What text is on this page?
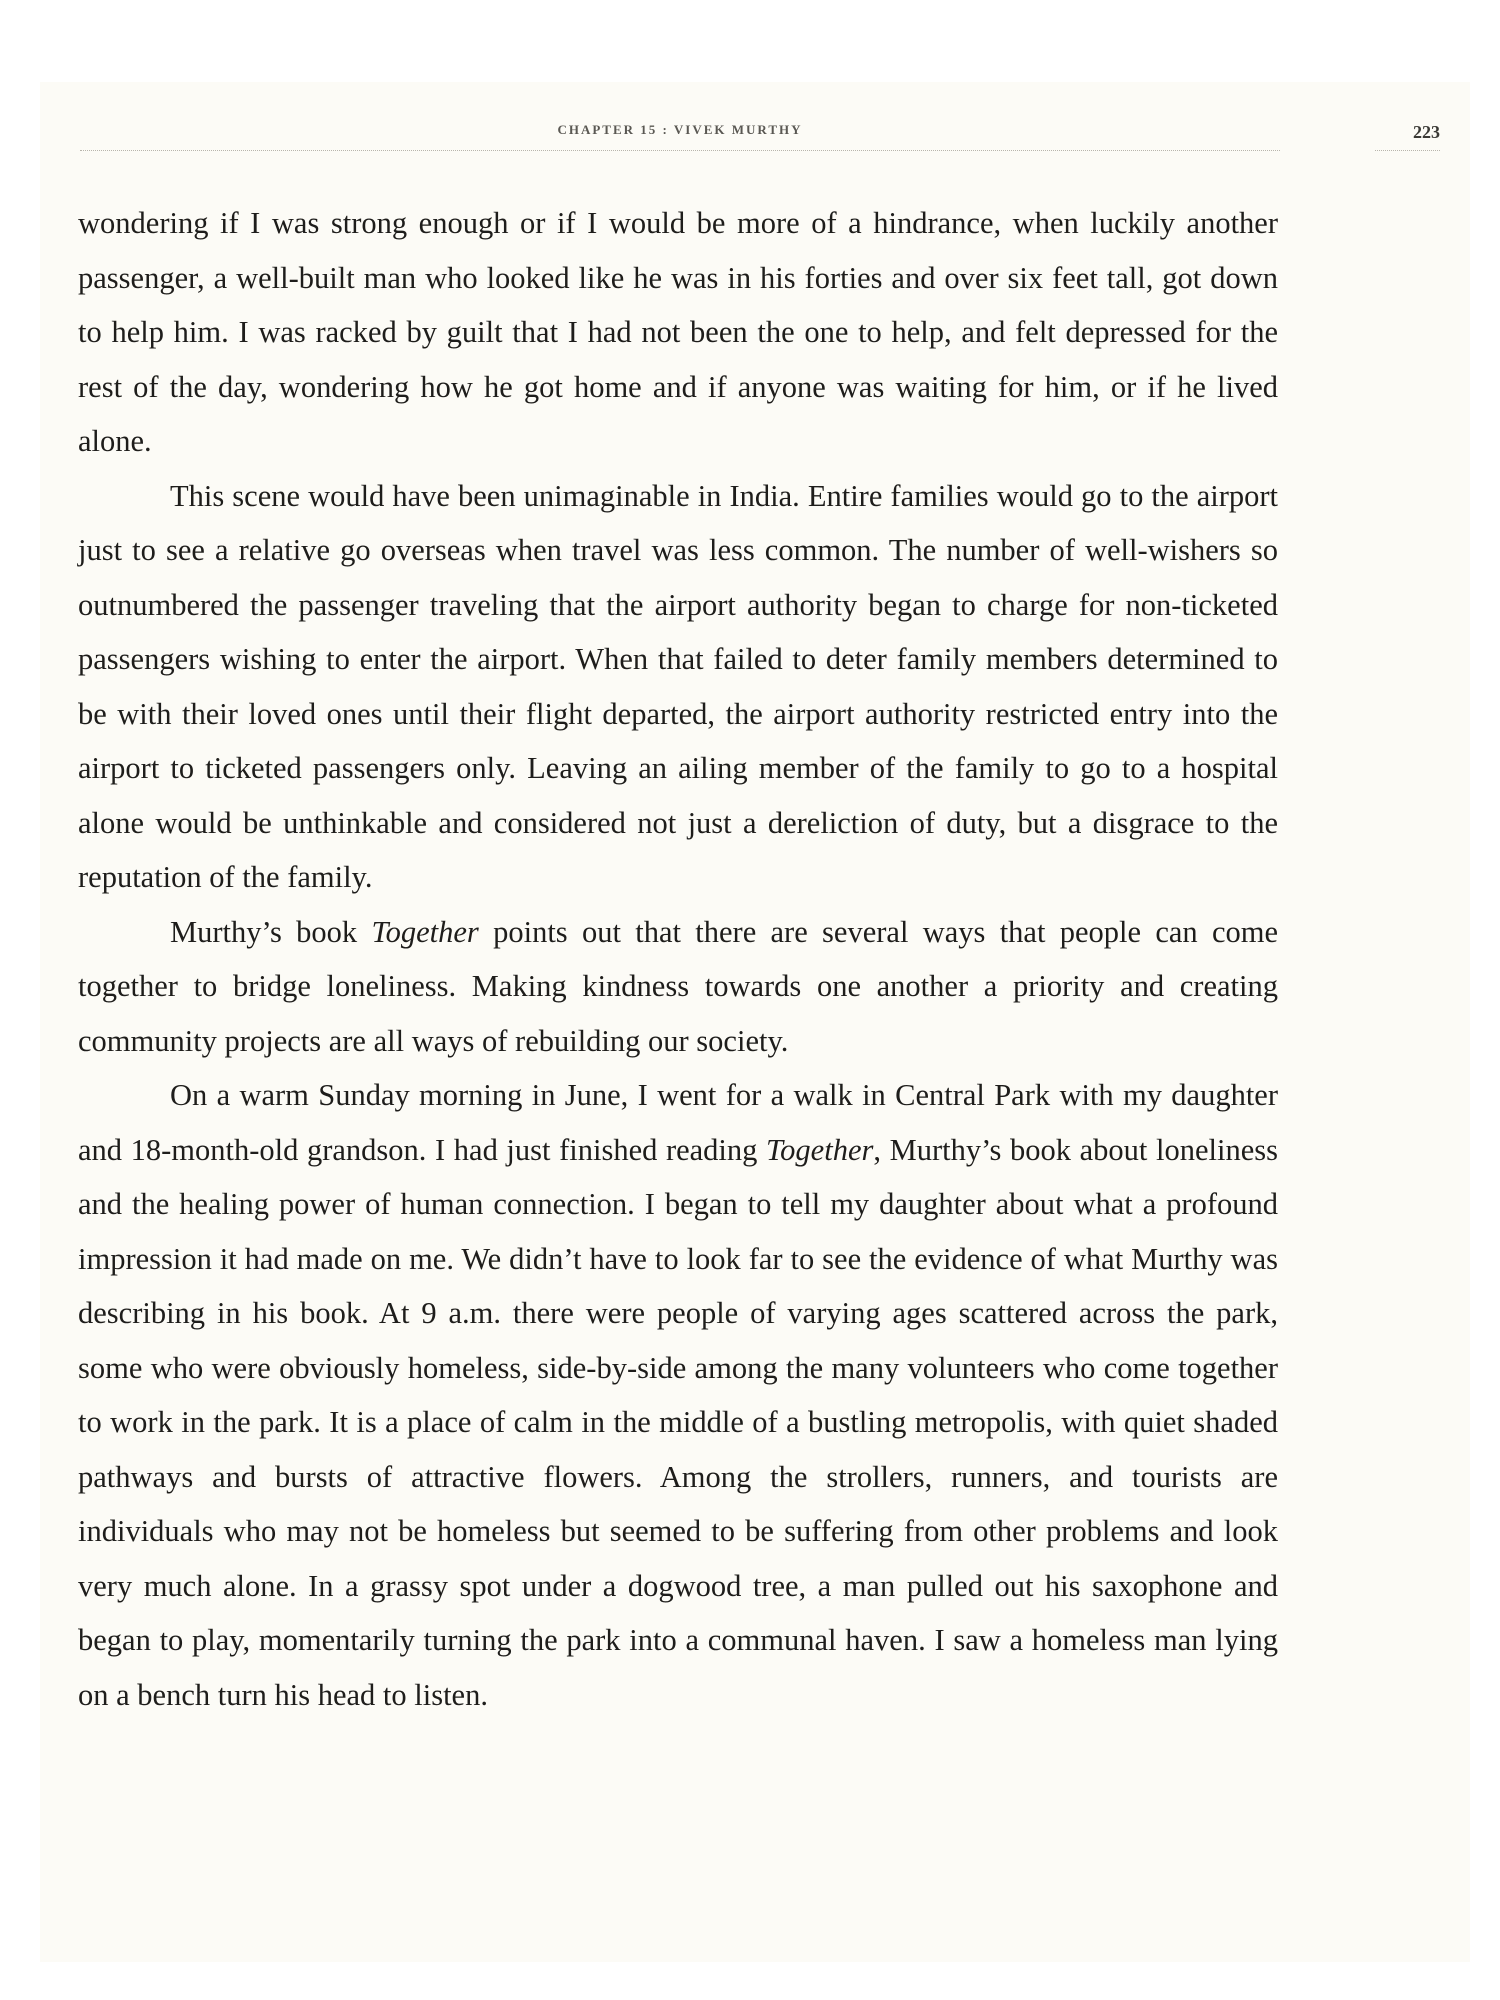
CHAPTER 15 : VIVEK MURTHY	223

wondering if I was strong enough or if I would be more of a hindrance, when luckily another passenger, a well-built man who looked like he was in his forties and over six feet tall, got down to help him. I was racked by guilt that I had not been the one to help, and felt depressed for the rest of the day, wondering how he got home and if anyone was waiting for him, or if he lived alone.

This scene would have been unimaginable in India. Entire families would go to the airport just to see a relative go overseas when travel was less common. The number of well-wishers so outnumbered the passenger traveling that the airport authority began to charge for non-ticketed passengers wishing to enter the airport. When that failed to deter family members determined to be with their loved ones until their flight departed, the airport authority restricted entry into the airport to ticketed passengers only. Leaving an ailing member of the family to go to a hospital alone would be unthinkable and considered not just a dereliction of duty, but a disgrace to the reputation of the family.

Murthy’s book Together points out that there are several ways that people can come together to bridge loneliness. Making kindness towards one another a priority and creating community projects are all ways of rebuilding our society.

On a warm Sunday morning in June, I went for a walk in Central Park with my daughter and 18-month-old grandson. I had just finished reading Together, Murthy’s book about loneliness and the healing power of human connection. I began to tell my daughter about what a profound impression it had made on me. We didn’t have to look far to see the evidence of what Murthy was describing in his book. At 9 a.m. there were people of varying ages scattered across the park, some who were obviously homeless, side-by-side among the many volunteers who come together to work in the park. It is a place of calm in the middle of a bustling metropolis, with quiet shaded pathways and bursts of attractive flowers. Among the strollers, runners, and tourists are individuals who may not be homeless but seemed to be suffering from other problems and look very much alone. In a grassy spot under a dogwood tree, a man pulled out his saxophone and began to play, momentarily turning the park into a communal haven. I saw a homeless man lying on a bench turn his head to listen.
